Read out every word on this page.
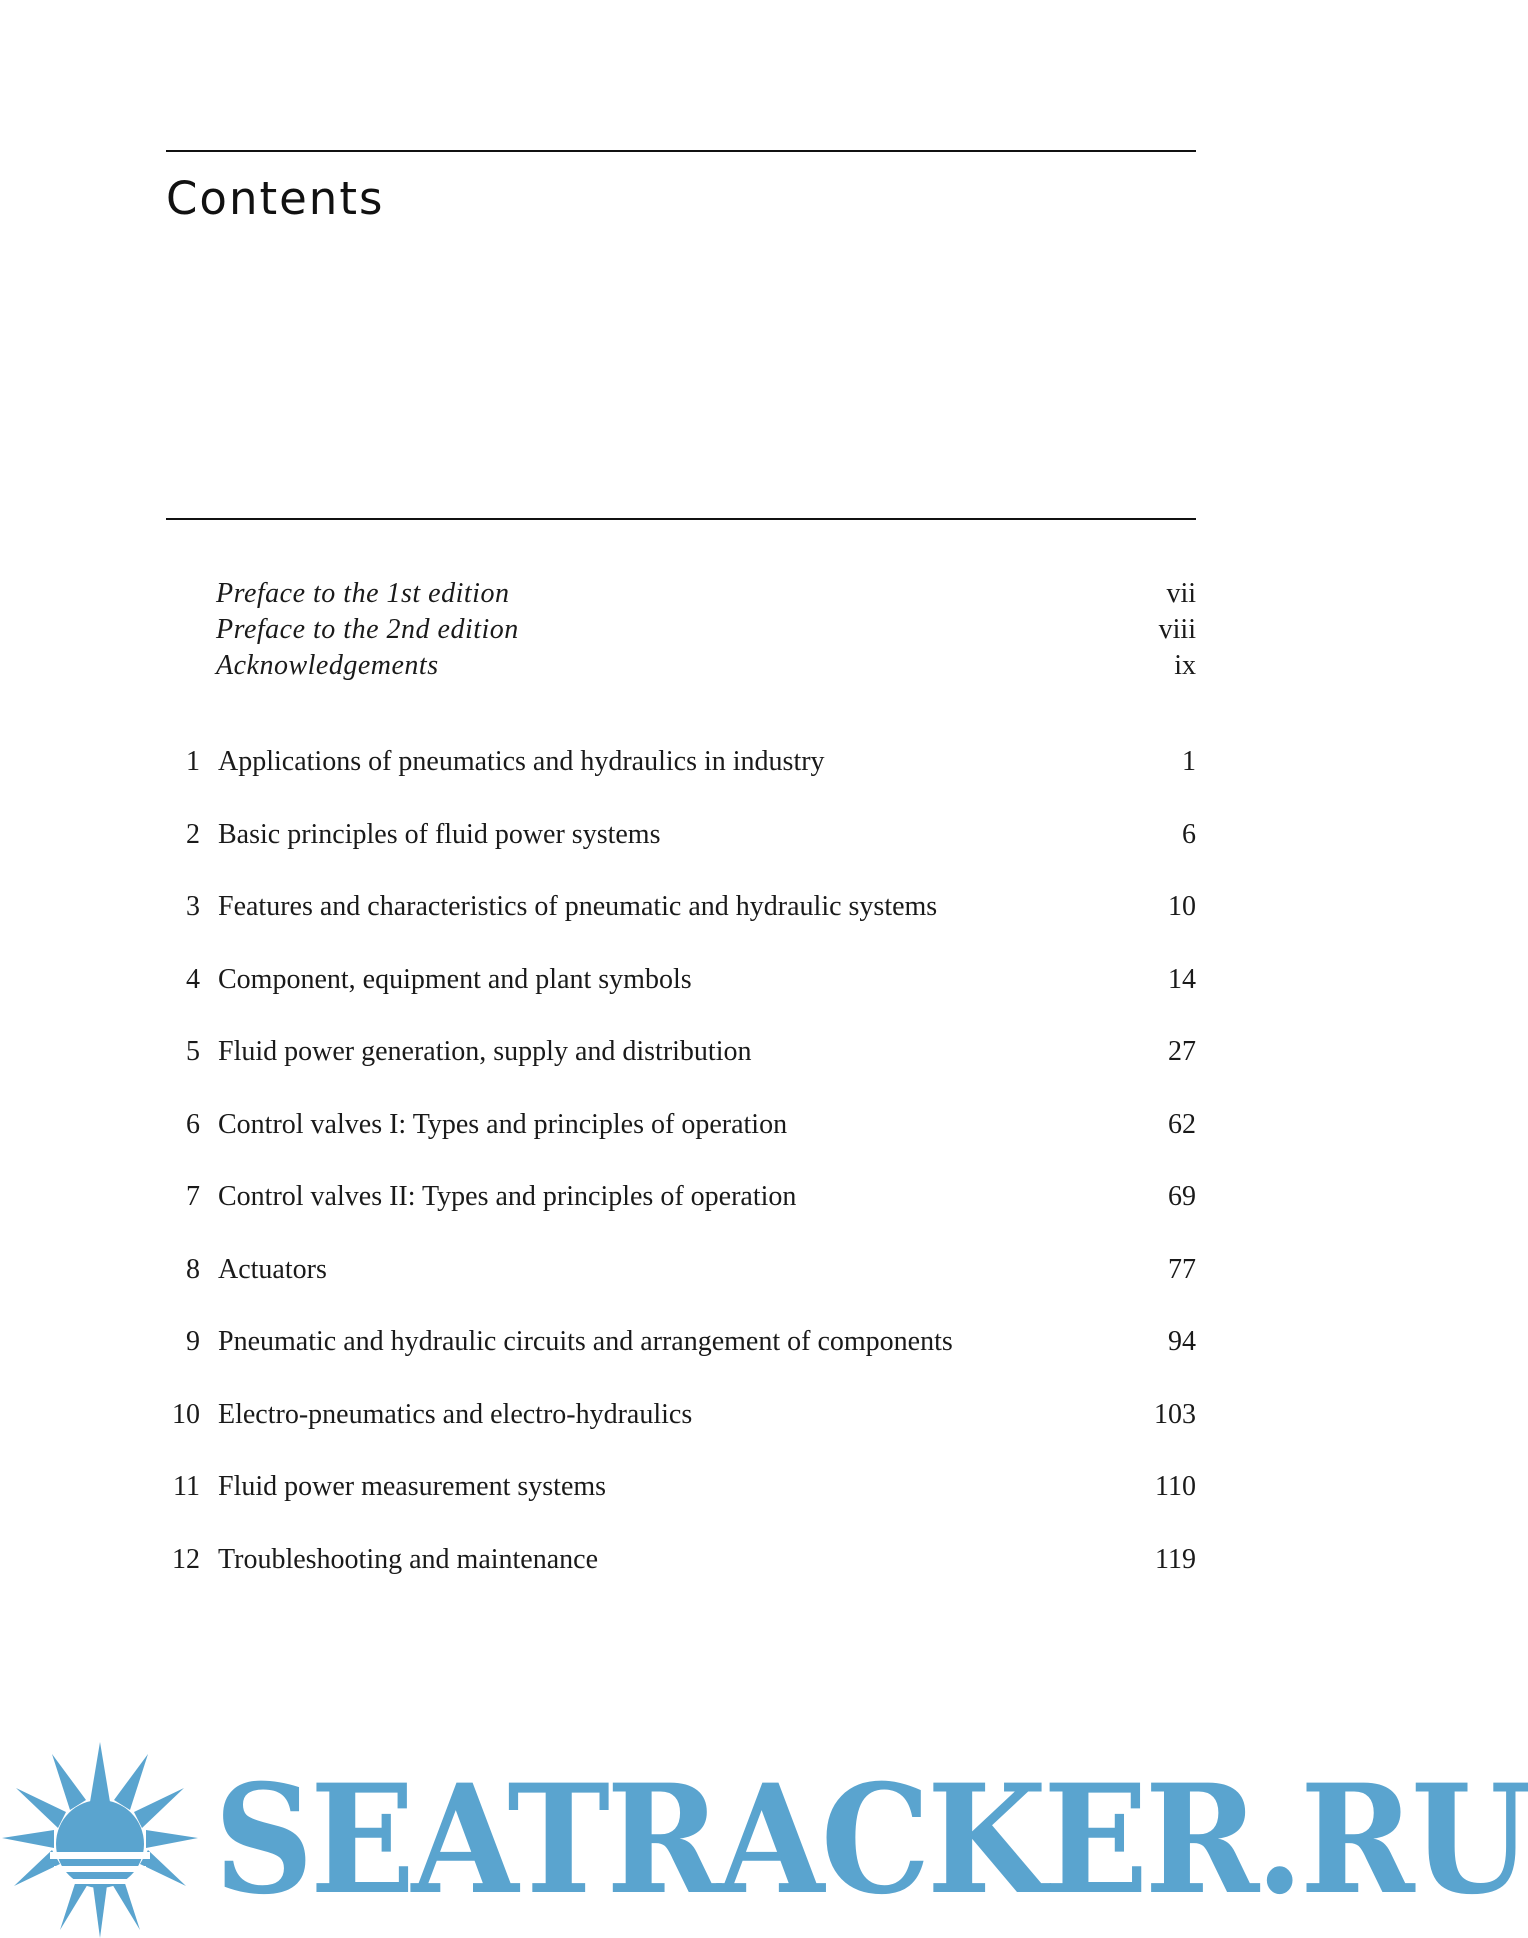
Contents
Preface to the 1st edition	vii
Preface to the 2nd edition	viii
Acknowledgements	ix
1 Applications of pneumatics and hydraulics in industry	1
2 Basic principles of fluid power systems	6
3 Features and characteristics of pneumatic and hydraulic systems	10
4 Component, equipment and plant symbols	14
5 Fluid power generation, supply and distribution	27
6 Control valves I: Types and principles of operation	62
7 Control valves II: Types and principles of operation	69
8 Actuators	77
9 Pneumatic and hydraulic circuits and arrangement of components	94
10 Electro-pneumatics and electro-hydraulics	103
11 Fluid power measurement systems	110
12 Troubleshooting and maintenance	119
SEATRACKER.RU
